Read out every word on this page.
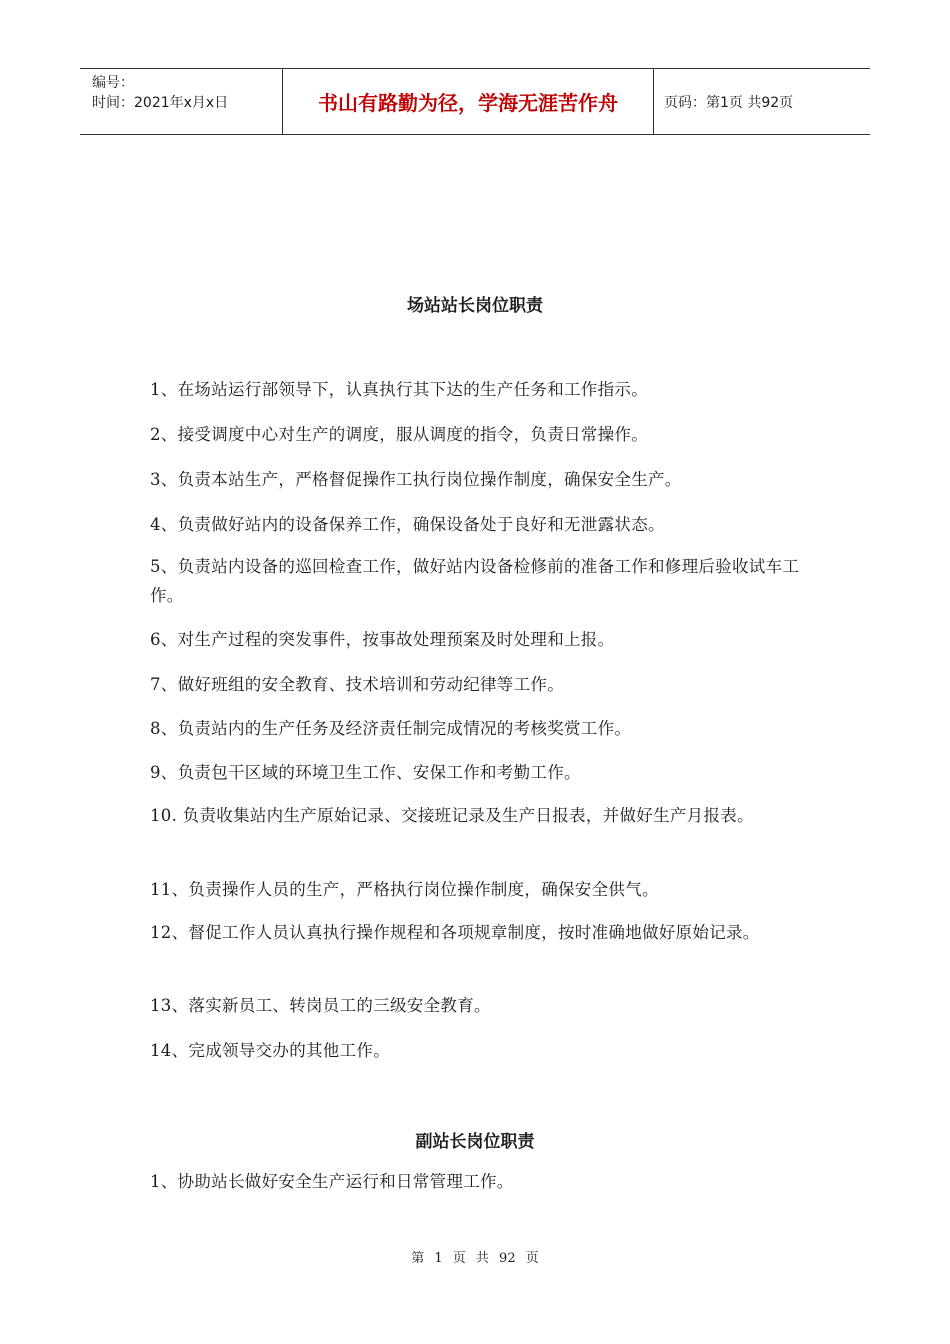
编号：
时间：2021年x月x日	书山有路勤为径，学海无涯苦作舟	页码：第1页 共92页
场站站长岗位职责
1、在场站运行部领导下，认真执行其下达的生产任务和工作指示。
2、接受调度中心对生产的调度，服从调度的指令，负责日常操作。
3、负责本站生产，严格督促操作工执行岗位操作制度，确保安全生产。
4、负责做好站内的设备保养工作，确保设备处于良好和无泄露状态。
5、负责站内设备的巡回检查工作，做好站内设备检修前的准备工作和修理后验收试车工作。
6、对生产过程的突发事件，按事故处理预案及时处理和上报。
7、做好班组的安全教育、技术培训和劳动纪律等工作。
8、负责站内的生产任务及经济责任制完成情况的考核奖赏工作。
9、负责包干区域的环境卫生工作、安保工作和考勤工作。
10. 负责收集站内生产原始记录、交接班记录及生产日报表，并做好生产月报表。
11、负责操作人员的生产，严格执行岗位操作制度，确保安全供气。
12、督促工作人员认真执行操作规程和各项规章制度，按时准确地做好原始记录。
13、落实新员工、转岗员工的三级安全教育。
14、完成领导交办的其他工作。
副站长岗位职责
1、协助站长做好安全生产运行和日常管理工作。
第 1 页 共 92 页
